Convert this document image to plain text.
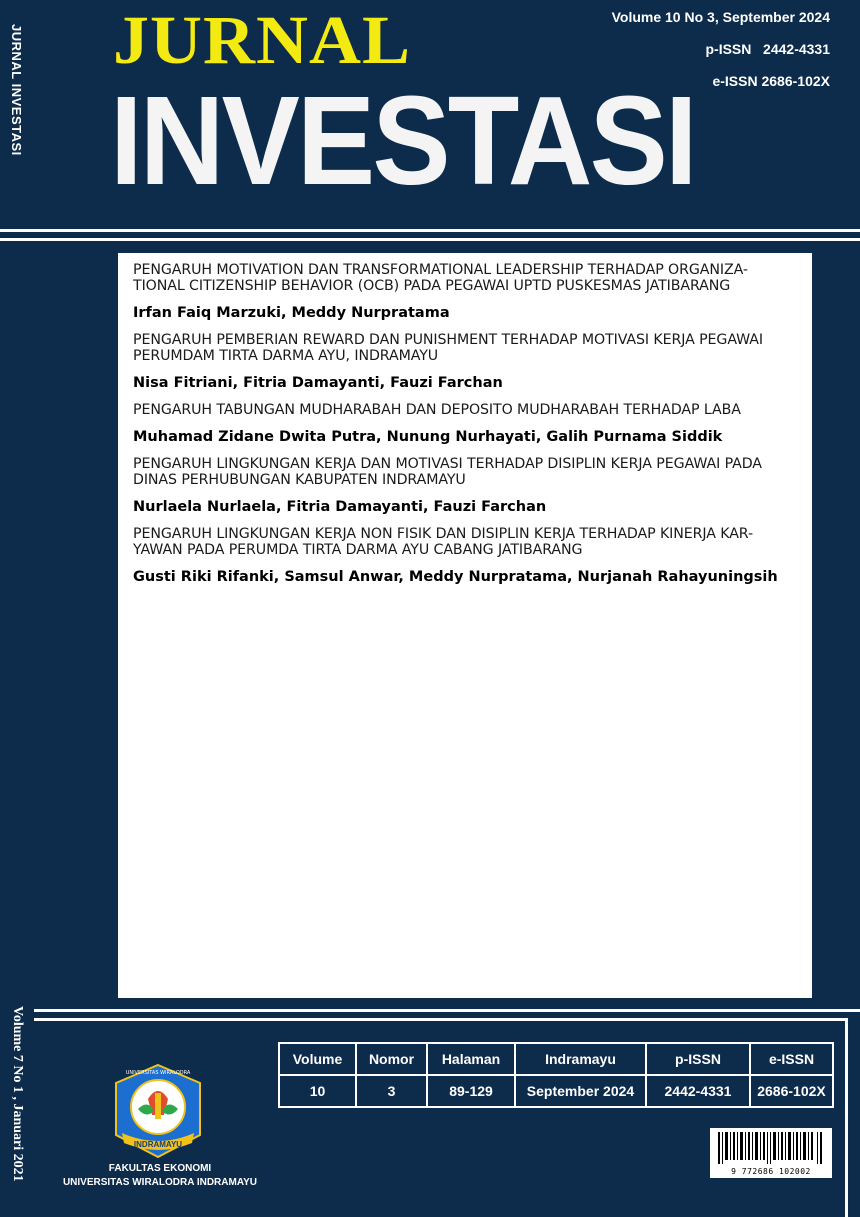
JURNAL INVESTASI JURNAL
INVESTASI
Volume 10 No 3, September 2024
p-ISSN   2442-4331
e-ISSN 2686-102X

PENGARUH MOTIVATION DAN TRANSFORMATIONAL LEADERSHIP TERHADAP ORGANIZA-TIONAL CITIZENSHIP BEHAVIOR (OCB) PADA PEGAWAI UPTD PUSKESMAS JATIBARANG

Irfan Faiq Marzuki, Meddy Nurpratama

PENGARUH PEMBERIAN REWARD DAN PUNISHMENT TERHADAP MOTIVASI KERJA PEGAWAI PERUMDAM TIRTA DARMA AYU, INDRAMAYU

Nisa Fitriani, Fitria Damayanti, Fauzi Farchan

PENGARUH TABUNGAN MUDHARABAH DAN DEPOSITO MUDHARABAH TERHADAP LABA

Muhamad Zidane Dwita Putra, Nunung Nurhayati, Galih Purnama Siddik

PENGARUH LINGKUNGAN KERJA DAN MOTIVASI TERHADAP DISIPLIN KERJA PEGAWAI PADA DINAS PERHUBUNGAN KABUPATEN INDRAMAYU

Nurlaela Nurlaela, Fitria Damayanti, Fauzi Farchan

PENGARUH LINGKUNGAN KERJA NON FISIK DAN DISIPLIN KERJA TERHADAP KINERJA KAR-YAWAN PADA PERUMDA TIRTA DARMA AYU CABANG JATIBARANG

Gusti Riki Rifanki, Samsul Anwar, Meddy Nurpratama, Nurjanah Rahayuningsih

Volume 7 No 1 , Januari 2021	Volume	Nomor	Halaman	Indramayu	p-ISSN	e-ISSN
10	3	89-129	September 2024	2442-4331	2686-102X
UNIVERSITAS WIRALODRA
INDRAMAYU
FAKULTAS EKONOMI
UNIVERSITAS WIRALODRA INDRAMAYU
9 772686 102002
